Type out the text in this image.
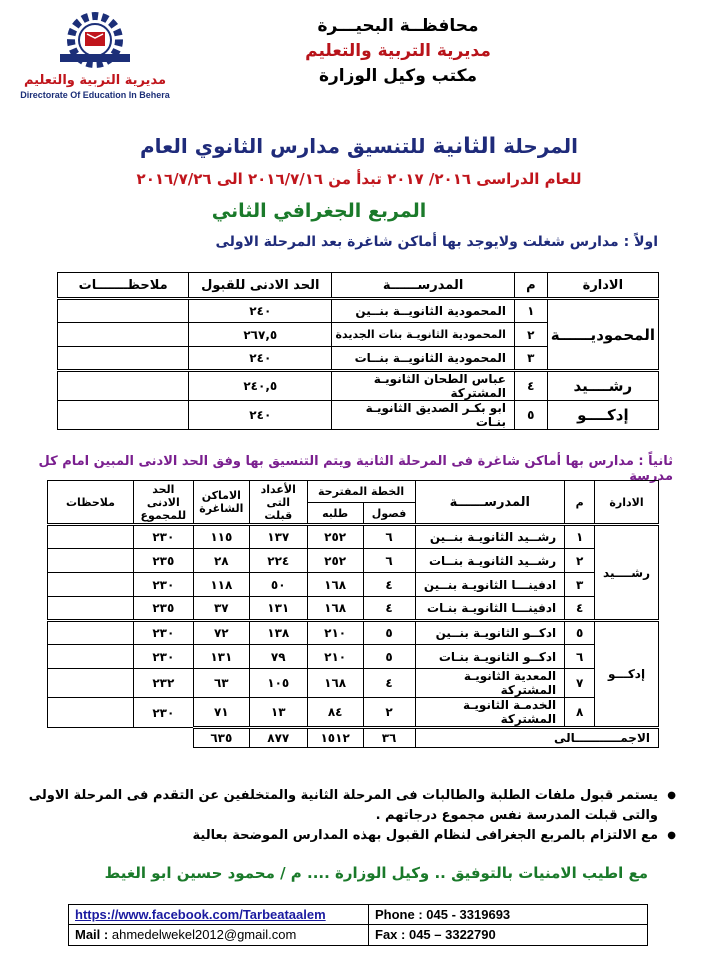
مديرية التربية والتعليم
Directorate Of Education In Behera
محافظــة البحيـــرة
مديرية التربية والتعليم
مكتب وكيل الوزارة
المرحلة الثانية للتنسيق مدارس الثانوي العام
للعام الدراسى ٢٠١٦/ ٢٠١٧ تبدأ من ٢٠١٦/٧/١٦ الى ٢٠١٦/٧/٢٦
المربع الجغرافي الثاني
اولاً : مدارس شغلت ولايوجد بها أماكن شاغرة بعد المرحلة الاولى
الادارة	م	المدرســــــة	الحد الادنى للقبول	ملاحظـــــــات
المحموديــــــة	١	المحمودية الثانويــة بنــين	٢٤٠	
	٢	المحمودية الثانويـة بنات الجديدة	٢٦٧,٥	
	٣	المحمودية الثانويــة بنــات	٢٤٠	
رشــــيد	٤	عباس الطحان الثانويـة المشتركة	٢٤٠,٥	
إدكــــو	٥	ابو بكـر الصديق الثانويـة بنـات	٢٤٠	
ثانياً : مدارس بها أماكن شاغرة فى المرحلة الثانية ويتم التنسيق بها وفق الحد الادنى المبين امام كل مدرسة
الادارة	م	المدرســــــة	الخطة المفترحة		الأعداد التى قبلت	الاماكن الشاغرة	الحد الادنى للمجموع	ملاحظات
			فصول	طلبه				
رشــــيد	١	رشــيد الثانويـة بنــين	٦	٢٥٢	١٣٧	١١٥	٢٣٠	
	٢	رشــيد الثانويـة بنــات	٦	٢٥٢	٢٢٤	٢٨	٢٣٥	
	٣	ادفينـــا الثانويـة بنــين	٤	١٦٨	٥٠	١١٨	٢٣٠	
	٤	ادفينـــا الثانويـة بنـات	٤	١٦٨	١٣١	٣٧	٢٣٥	
إدكـــو	٥	ادكــو الثانويـة بنــين	٥	٢١٠	١٣٨	٧٢	٢٣٠	
	٦	ادكــو الثانويـة بنـات	٥	٢١٠	٧٩	١٣١	٢٣٠	
	٧	المعدية الثانويـة المشتركة	٤	١٦٨	١٠٥	٦٣	٢٣٢	
	٨	الخدمـة الثانويـة المشتركة	٢	٨٤	١٣	٧١	٢٣٠	
الاجمـــــــــــالى			٣٦	١٥١٢	٨٧٧	٦٣٥		
● يستمر قبول ملفات الطلبة والطالبات فى المرحلة الثانية والمتخلفين عن التقدم فى المرحلة الاولى
والتى قبلت المدرسة نفس مجموع درجاتهم .
● مع الالتزام بالمربع الجغرافى لنظام القبول بهذه المدارس الموضحة بعالية
مع اطيب الامنيات بالتوفيق .. وكيل الوزارة .... م / محمود حسين ابو الغيط
https://www.facebook.com/Tarbeataalem	Phone : 045 - 3319693
Mail : ahmedelwekel2012@gmail.com	Fax : 045 – 3322790
